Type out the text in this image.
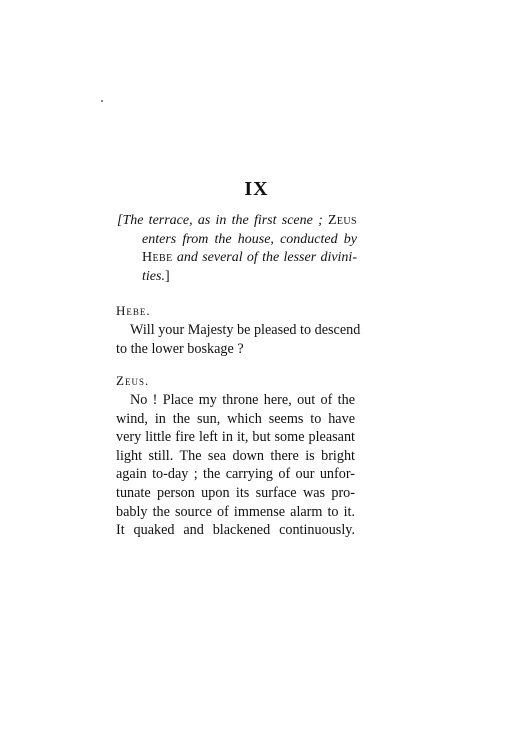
IX
[The terrace, as in the first scene ; Zeus
enters from the house, conducted by
Hebe and several of the lesser divini-
ties.]
Hebe.
Will your Majesty be pleased to descend
to the lower boskage ?
Zeus.
No ! Place my throne here, out of the
wind, in the sun, which seems to have
very little fire left in it, but some pleasant
light still. The sea down there is bright
again to-day ; the carrying of our unfor-
tunate person upon its surface was pro-
bably the source of immense alarm to it.
It quaked and blackened continuously.
